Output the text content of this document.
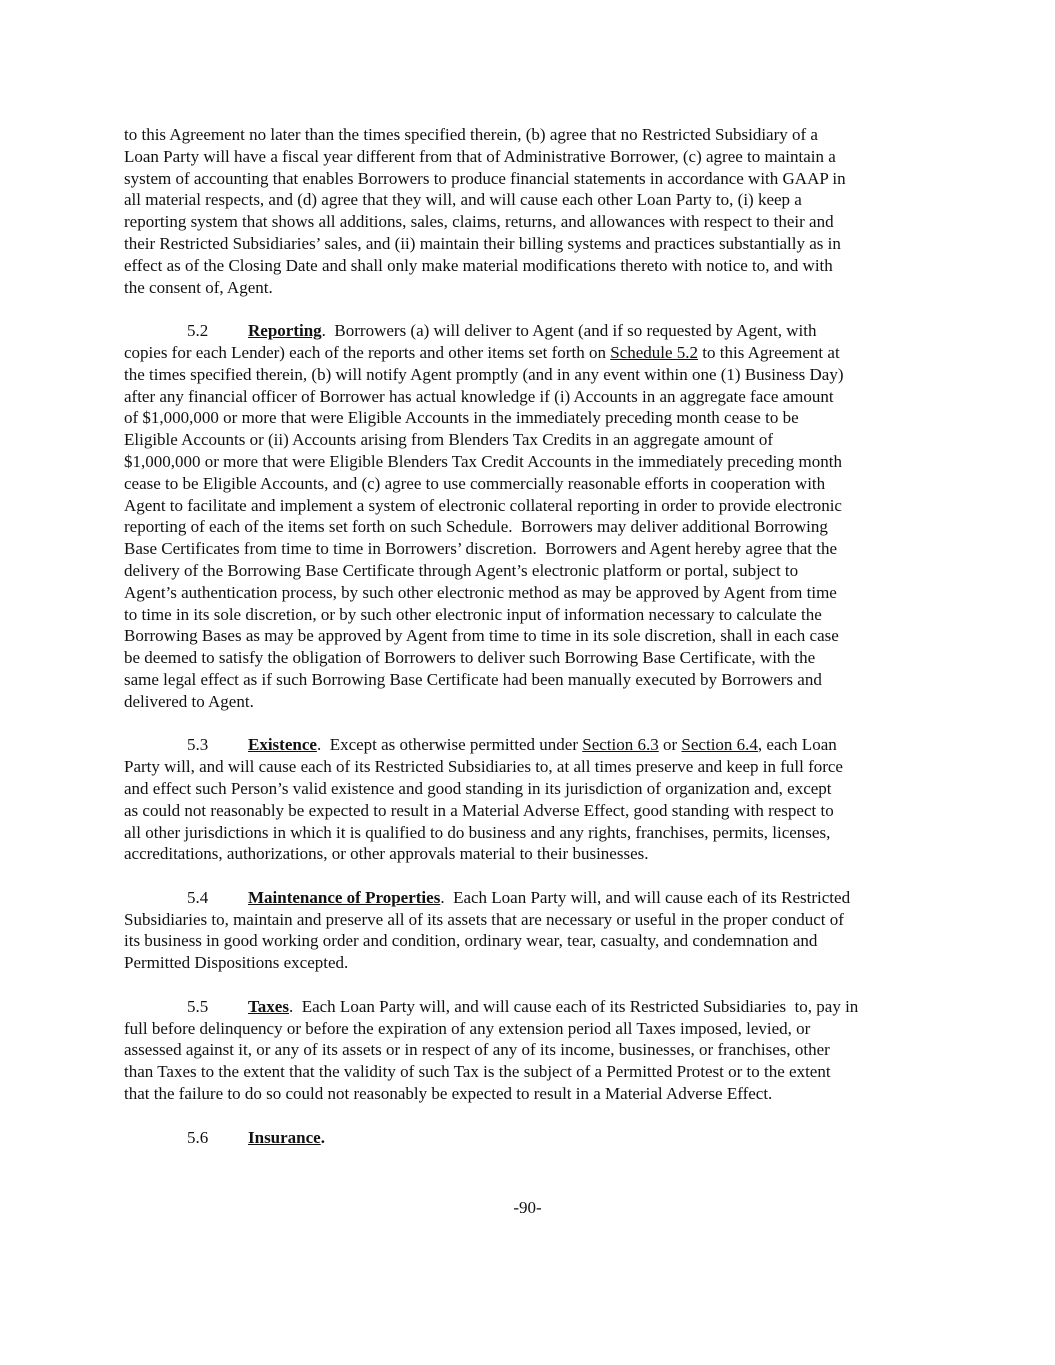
to this Agreement no later than the times specified therein, (b) agree that no Restricted Subsidiary of a
Loan Party will have a fiscal year different from that of Administrative Borrower, (c) agree to maintain a
system of accounting that enables Borrowers to produce financial statements in accordance with GAAP in
all material respects, and (d) agree that they will, and will cause each other Loan Party to, (i) keep a
reporting system that shows all additions, sales, claims, returns, and allowances with respect to their and
their Restricted Subsidiaries’ sales, and (ii) maintain their billing systems and practices substantially as in
effect as of the Closing Date and shall only make material modifications thereto with notice to, and with
the consent of, Agent.
5.2 Reporting.  Borrowers (a) will deliver to Agent (and if so requested by Agent, with
copies for each Lender) each of the reports and other items set forth on Schedule 5.2 to this Agreement at
the times specified therein, (b) will notify Agent promptly (and in any event within one (1) Business Day)
after any financial officer of Borrower has actual knowledge if (i) Accounts in an aggregate face amount
of $1,000,000 or more that were Eligible Accounts in the immediately preceding month cease to be
Eligible Accounts or (ii) Accounts arising from Blenders Tax Credits in an aggregate amount of
$1,000,000 or more that were Eligible Blenders Tax Credit Accounts in the immediately preceding month
cease to be Eligible Accounts, and (c) agree to use commercially reasonable efforts in cooperation with
Agent to facilitate and implement a system of electronic collateral reporting in order to provide electronic
reporting of each of the items set forth on such Schedule.  Borrowers may deliver additional Borrowing
Base Certificates from time to time in Borrowers’ discretion.  Borrowers and Agent hereby agree that the
delivery of the Borrowing Base Certificate through Agent’s electronic platform or portal, subject to
Agent’s authentication process, by such other electronic method as may be approved by Agent from time
to time in its sole discretion, or by such other electronic input of information necessary to calculate the
Borrowing Bases as may be approved by Agent from time to time in its sole discretion, shall in each case
be deemed to satisfy the obligation of Borrowers to deliver such Borrowing Base Certificate, with the
same legal effect as if such Borrowing Base Certificate had been manually executed by Borrowers and
delivered to Agent.
5.3 Existence.  Except as otherwise permitted under Section 6.3 or Section 6.4, each Loan
Party will, and will cause each of its Restricted Subsidiaries to, at all times preserve and keep in full force
and effect such Person’s valid existence and good standing in its jurisdiction of organization and, except
as could not reasonably be expected to result in a Material Adverse Effect, good standing with respect to
all other jurisdictions in which it is qualified to do business and any rights, franchises, permits, licenses,
accreditations, authorizations, or other approvals material to their businesses.
5.4 Maintenance of Properties.  Each Loan Party will, and will cause each of its Restricted
Subsidiaries to, maintain and preserve all of its assets that are necessary or useful in the proper conduct of
its business in good working order and condition, ordinary wear, tear, casualty, and condemnation and
Permitted Dispositions excepted.
5.5 Taxes.  Each Loan Party will, and will cause each of its Restricted Subsidiaries  to, pay in
full before delinquency or before the expiration of any extension period all Taxes imposed, levied, or
assessed against it, or any of its assets or in respect of any of its income, businesses, or franchises, other
than Taxes to the extent that the validity of such Tax is the subject of a Permitted Protest or to the extent
that the failure to do so could not reasonably be expected to result in a Material Adverse Effect.
5.6 Insurance.
-90-
